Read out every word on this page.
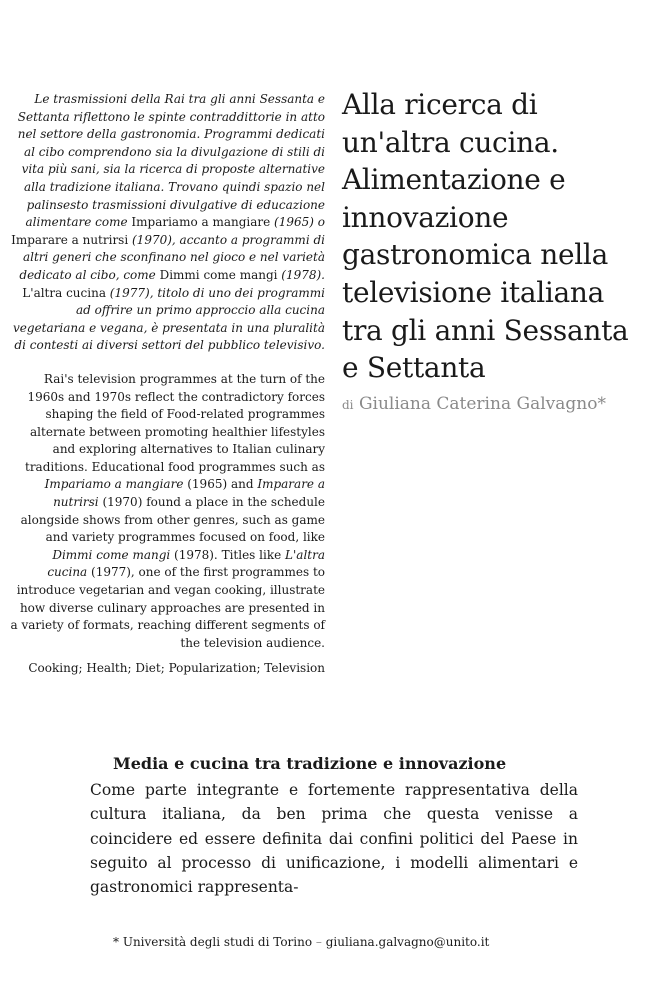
Le trasmissioni della Rai tra gli anni Sessanta e Settanta riflettono le spinte contraddittorie in atto nel settore della gastronomia. Programmi dedicati al cibo comprendono sia la divulgazione di stili di vita più sani, sia la ricerca di proposte alternative alla tradizione italiana. Trovano quindi spazio nel palinsesto trasmissioni divulgative di educazione alimentare come Impariamo a mangiare (1965) o Imparare a nutrirsi (1970), accanto a programmi di altri generi che sconfinano nel gioco e nel varietà dedicato al cibo, come Dimmi come mangi (1978). L'altra cucina (1977), titolo di uno dei programmi ad offrire un primo approccio alla cucina vegetariana e vegana, è presentata in una pluralità di contesti ai diversi settori del pubblico televisivo.

Rai's television programmes at the turn of the 1960s and 1970s reflect the contradictory forces shaping the field of Food-related programmes alternate between promoting healthier lifestyles and exploring alternatives to Italian culinary traditions. Educational food programmes such as Impariamo a mangiare (1965) and Imparare a nutrirsi (1970) found a place in the schedule alongside shows from other genres, such as game and variety programmes focused on food, like Dimmi come mangi (1978). Titles like L'altra cucina (1977), one of the first programmes to introduce vegetarian and vegan cooking, illustrate how diverse culinary approaches are presented in a variety of formats, reaching different segments of the television audience.

Cooking; Health; Diet; Popularization; Television

Alla ricerca di un'altra cucina. Alimentazione e innovazione gastronomica nella televisione italiana tra gli anni Sessanta e Settanta

di Giuliana Caterina Galvagno*

Media e cucina tra tradizione e innovazione

Come parte integrante e fortemente rappresentativa della cultura italiana, da ben prima che questa venisse a coincidere ed essere definita dai confini politici del Paese in seguito al processo di unificazione, i modelli alimentari e gastronomici rappresenta-

* Università degli studi di Torino – giuliana.galvagno@unito.it
